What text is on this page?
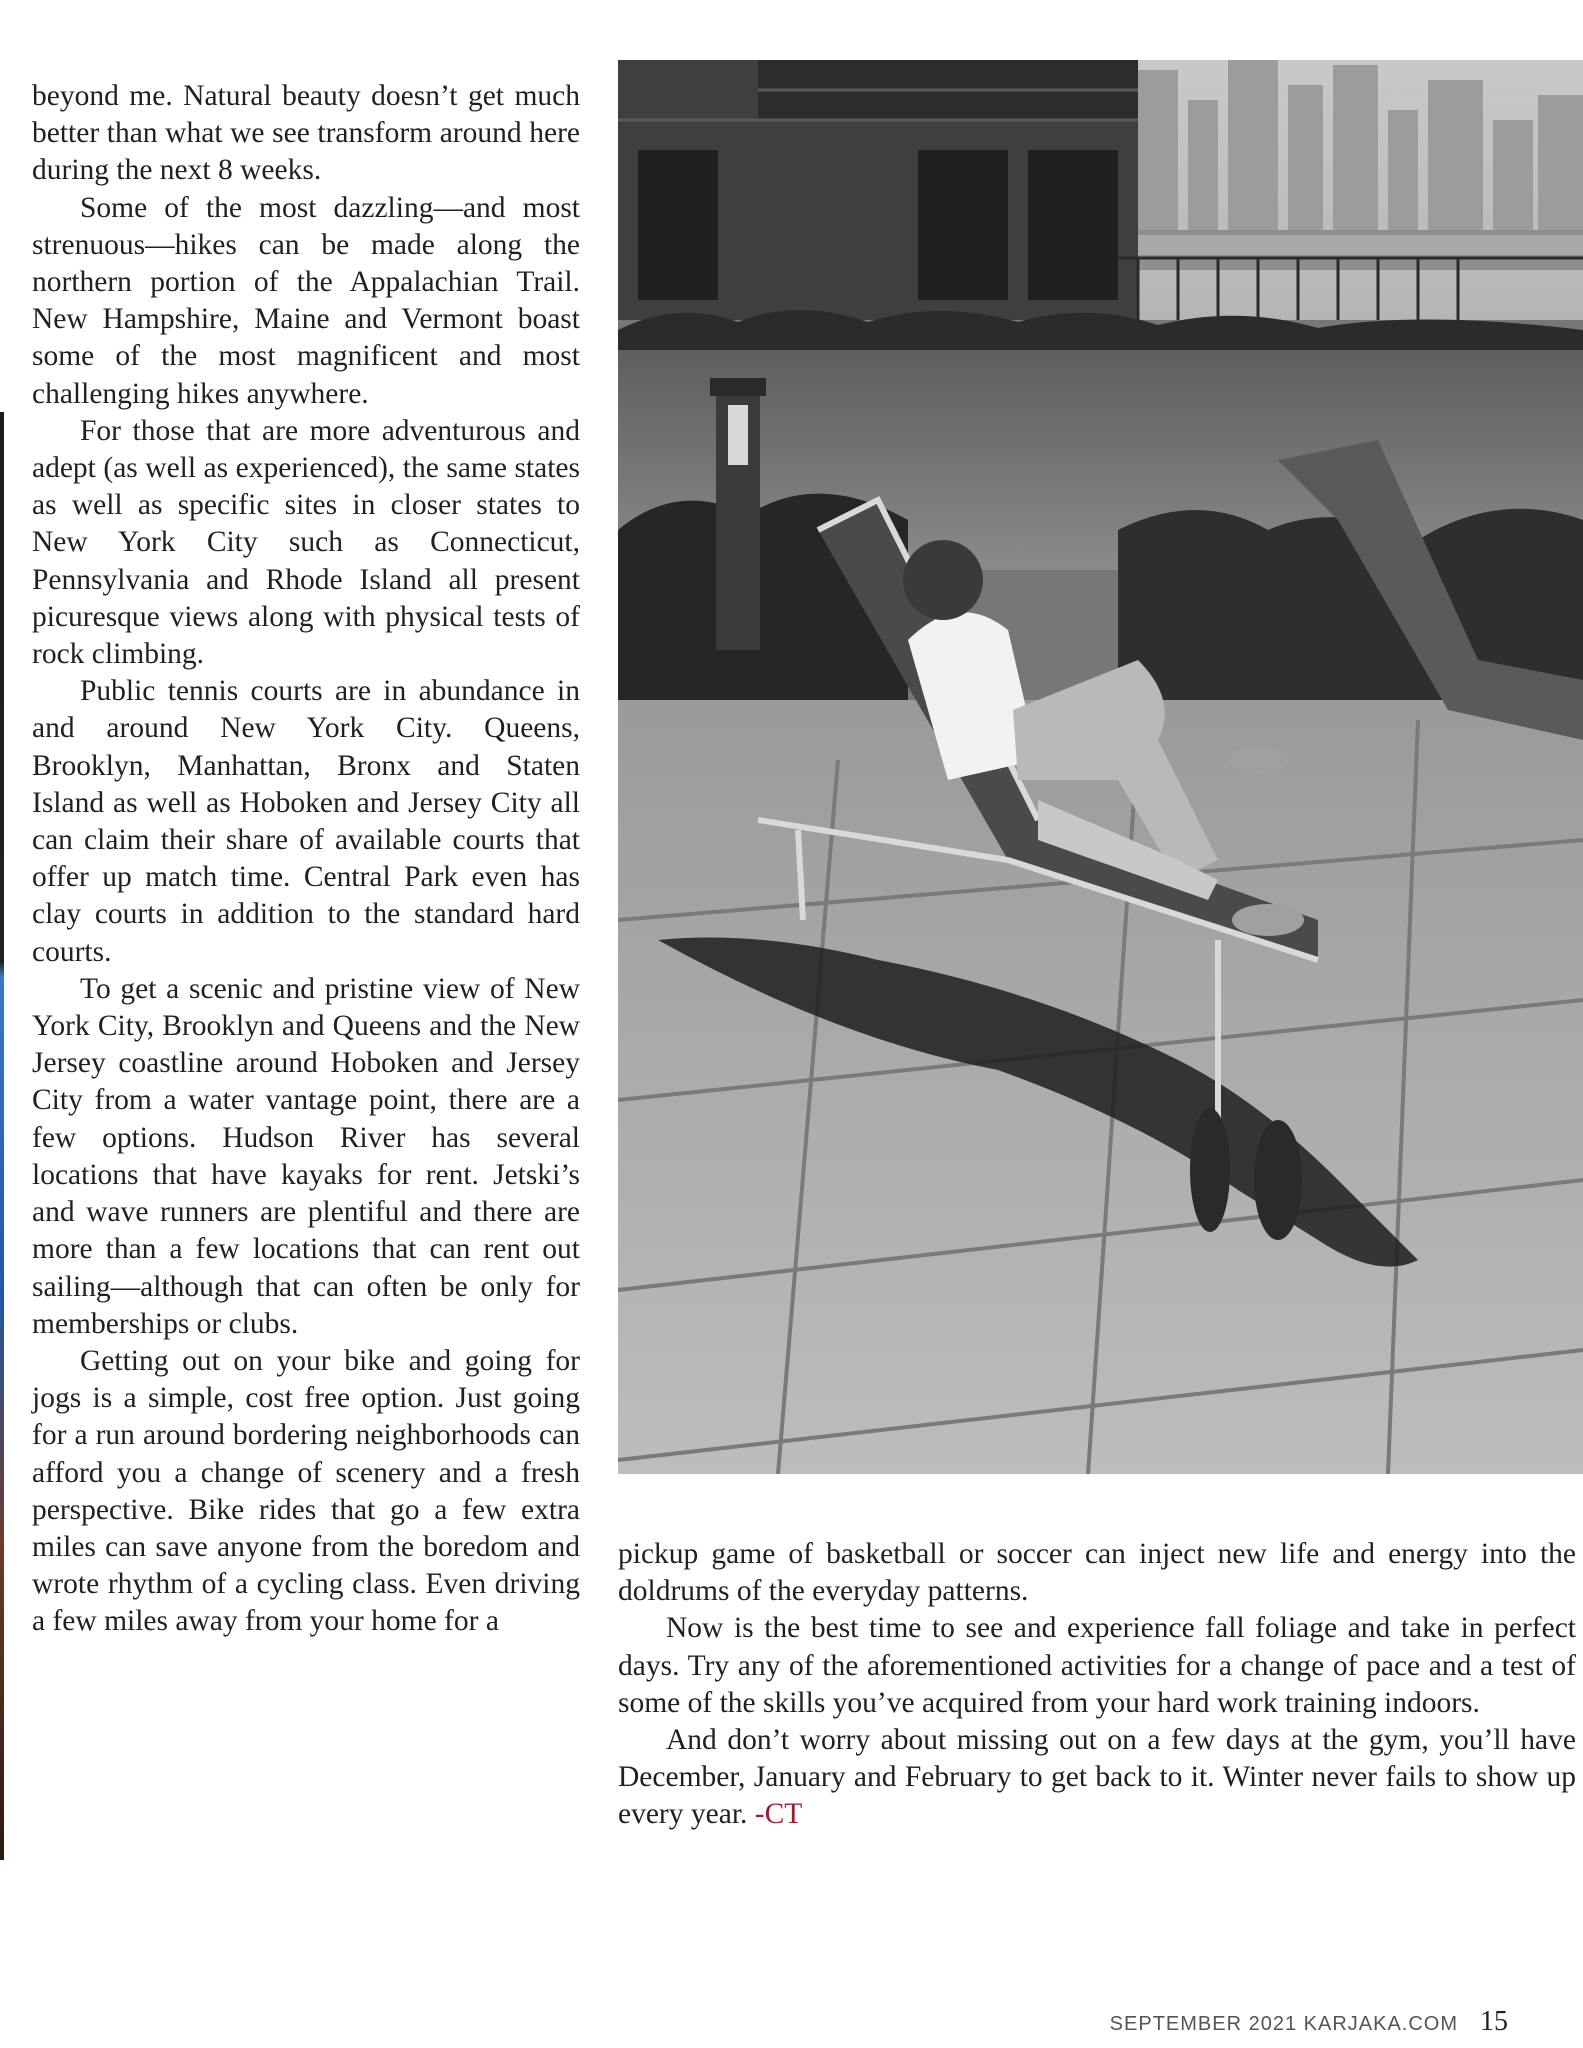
beyond me. Natural beauty doesn’t get much better than what we see transform around here during the next 8 weeks.

Some of the most dazzling—and most strenuous—hikes can be made along the northern portion of the Appalachian Trail. New Hampshire, Maine and Vermont boast some of the most magnificent and most challenging hikes anywhere.

For those that are more adventurous and adept (as well as experienced), the same states as well as specific sites in closer states to New York City such as Connecticut, Pennsylvania and Rhode Island all present picuresque views along with physical tests of rock climbing.

Public tennis courts are in abundance in and around New York City. Queens, Brooklyn, Manhattan, Bronx and Staten Island as well as Hoboken and Jersey City all can claim their share of available courts that offer up match time. Central Park even has clay courts in addition to the standard hard courts.

To get a scenic and pristine view of New York City, Brooklyn and Queens and the New Jersey coastline around Hoboken and Jersey City from a water vantage point, there are a few options. Hudson River has several locations that have kayaks for rent. Jetski’s and wave runners are plentiful and there are more than a few locations that can rent out sailing—although that can often be only for memberships or clubs.

Getting out on your bike and going for jogs is a simple, cost free option. Just going for a run around bordering neighborhoods can afford you a change of scenery and a fresh perspective. Bike rides that go a few extra miles can save anyone from the boredom and wrote rhythm of a cycling class. Even driving a few miles away from your home for a

pickup game of basketball or soccer can inject new life and energy into the doldrums of the everyday patterns.

Now is the best time to see and experience fall foliage and take in perfect days. Try any of the aforementioned activities for a change of pace and a test of some of the skills you’ve acquired from your hard work training indoors.

And don’t worry about missing out on a few days at the gym, you’ll have December, January and February to get back to it. Winter never fails to show up every year. -CT

SEPTEMBER 2021 KARJAKA.COM 15
